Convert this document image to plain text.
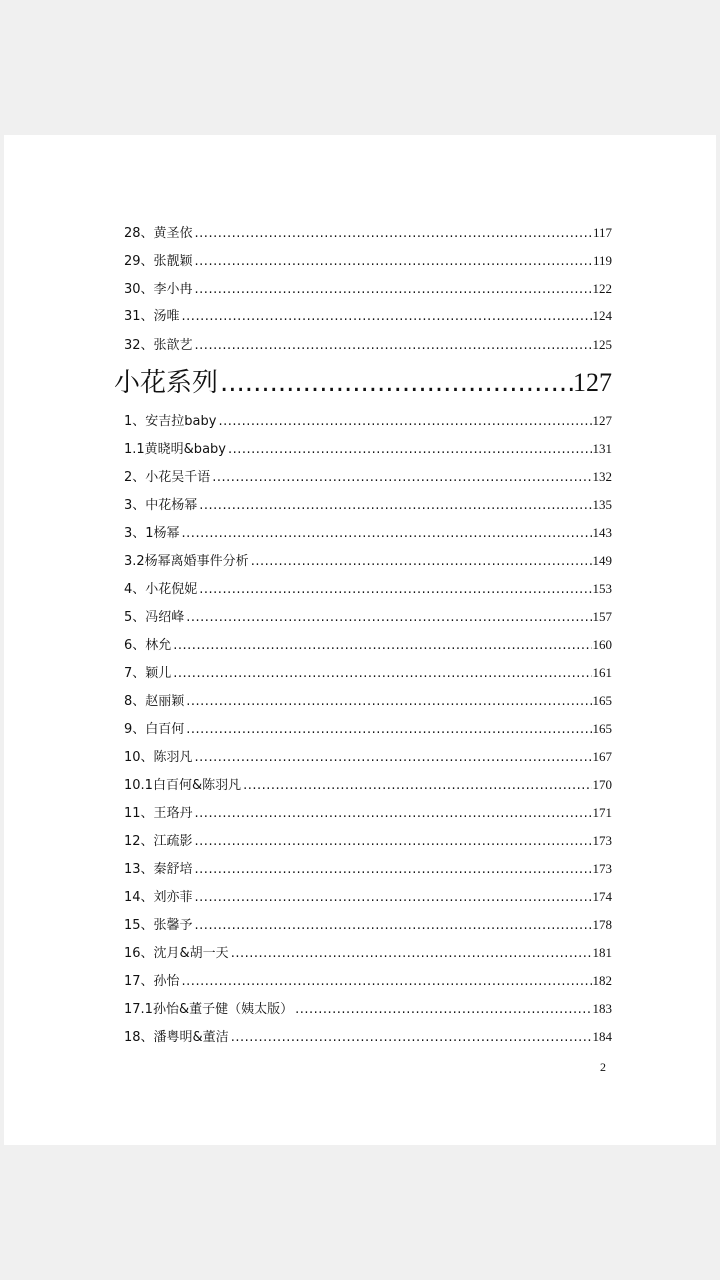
28、黄圣依 .....	117
29、张靓颖 .....	119
30、李小冉 .....	122
31、汤唯 .....	124
32、张歆艺 .....	125
小花系列 .....	127
1、安吉拉baby .....	127
1.1黄晓明&baby .....	131
2、小花吴千语 .....	132
3、中花杨幂 .....	135
3、1杨幂 .....	143
3.2杨幂离婚事件分析 .....	149
4、小花倪妮 .....	153
5、冯绍峰 .....	157
6、林允 .....	160
7、颖儿 .....	161
8、赵丽颖 .....	165
9、白百何 .....	165
10、陈羽凡 .....	167
10.1白百何&陈羽凡 .....	170
11、王珞丹 .....	171
12、江疏影 .....	173
13、秦舒培 .....	173
14、刘亦菲 .....	174
15、张馨予 .....	178
16、沈月&胡一天 .....	181
17、孙怡 .....	182
17.1孙怡&董子健（姨太版） .....	183
18、潘粤明&董洁 .....	184
2
